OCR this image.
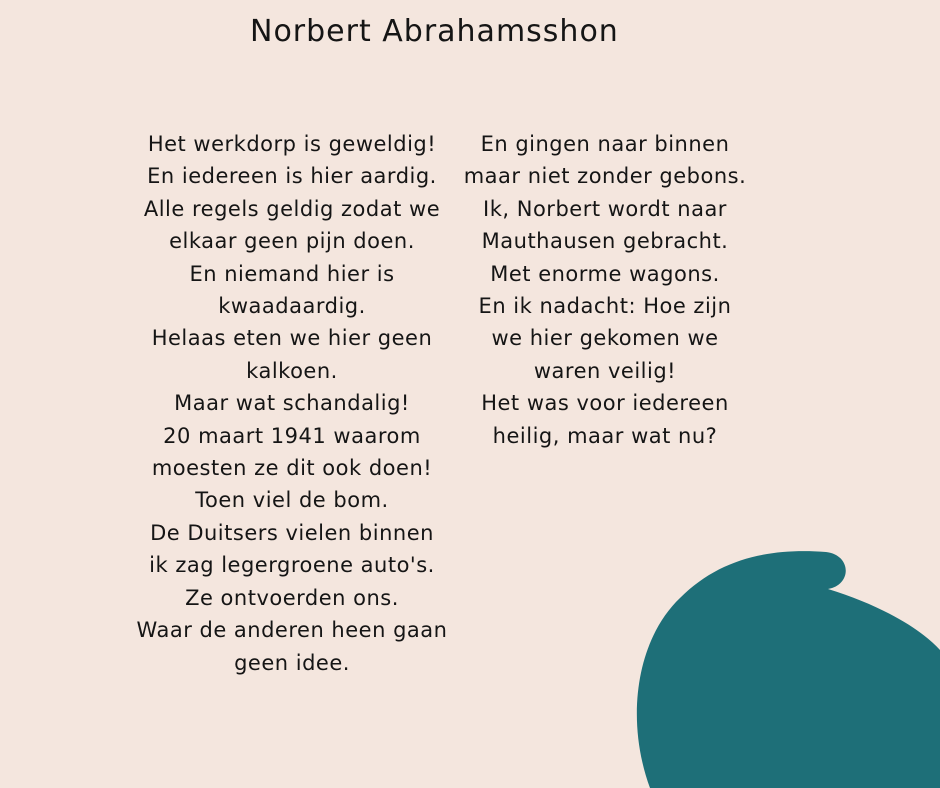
Norbert Abrahamsshon
Het werkdorp is geweldig!
En iedereen is hier aardig.
Alle regels geldig zodat we
elkaar geen pijn doen.
En niemand hier is kwaadaardig.
Helaas eten we hier geen kalkoen.
Maar wat schandalig!
20 maart 1941 waarom moesten ze dit ook doen!
Toen viel de bom.
De Duitsers vielen binnen
ik zag legergroene auto's.
Ze ontvoerden ons.
Waar de anderen heen gaan geen idee.
En gingen naar binnen maar niet zonder gebons.
Ik, Norbert wordt naar Mauthausen gebracht.
Met enorme wagons.
En ik nadacht: Hoe zijn we hier gekomen we waren veilig!
Het was voor iedereen heilig, maar wat nu?
